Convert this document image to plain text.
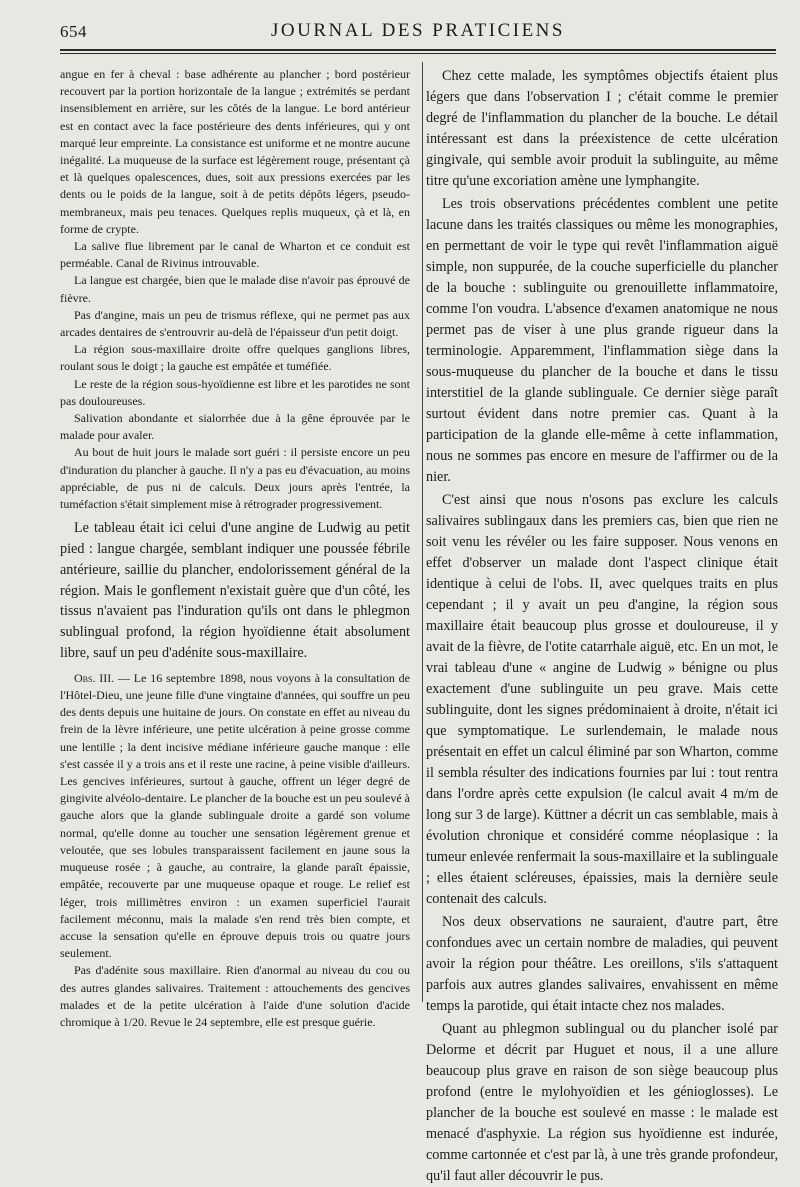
654	JOURNAL DES PRATICIENS

angue en fer à cheval : base adhérente au plancher ; bord postérieur recouvert par la portion horizontale de la langue ; extrémités se perdant insensiblement en arrière, sur les côtés de la langue. Le bord antérieur est en contact avec la face postérieure des dents inférieures, qui y ont marqué leur empreinte. La consistance est uniforme et ne montre aucune inégalité. La muqueuse de la surface est légèrement rouge, présentant çà et là quelques opalescences, dues, soit aux pressions exercées par les dents ou le poids de la langue, soit à de petits dépôts légers, pseudo-membraneux, mais peu tenaces. Quelques replis muqueux, çà et là, en forme de crypte.

La salive flue librement par le canal de Wharton et ce conduit est perméable. Canal de Rivinus introuvable.

La langue est chargée, bien que le malade dise n'avoir pas éprouvé de fièvre.

Pas d'angine, mais un peu de trismus réflexe, qui ne permet pas aux arcades dentaires de s'entrouvrir au-delà de l'épaisseur d'un petit doigt.

La région sous-maxillaire droite offre quelques ganglions libres, roulant sous le doigt ; la gauche est empâtée et tuméfiée.

Le reste de la région sous-hyoïdienne est libre et les parotides ne sont pas douloureuses.

Salivation abondante et sialorrhée due à la gêne éprouvée par le malade pour avaler.

Au bout de huit jours le malade sort guéri : il persiste encore un peu d'induration du plancher à gauche. Il n'y a pas eu d'évacuation, au moins appréciable, de pus ni de calculs. Deux jours après l'entrée, la tuméfaction s'était simplement mise à rétrograder progressivement.

Le tableau était ici celui d'une angine de Ludwig au petit pied : langue chargée, semblant indiquer une poussée fébrile antérieure, saillie du plancher, endolorissement général de la région. Mais le gonflement n'existait guère que d'un côté, les tissus n'avaient pas l'induration qu'ils ont dans le phlegmon sublingual profond, la région hyoïdienne était absolument libre, sauf un peu d'adénite sous-maxillaire.

Obs. III. — Le 16 septembre 1898, nous voyons à la consultation de l'Hôtel-Dieu, une jeune fille d'une vingtaine d'années, qui souffre un peu des dents depuis une huitaine de jours. On constate en effet au niveau du frein de la lèvre inférieure, une petite ulcération à peine grosse comme une lentille ; la dent incisive médiane inférieure gauche manque : elle s'est cassée il y a trois ans et il reste une racine, à peine visible d'ailleurs. Les gencives inférieures, surtout à gauche, offrent un léger degré de gingivite alvéolo-dentaire. Le plancher de la bouche est un peu soulevé à gauche alors que la glande sublinguale droite a gardé son volume normal, qu'elle donne au toucher une sensation légèrement grenue et veloutée, que ses lobules transparaissent facilement en jaune sous la muqueuse rosée ; à gauche, au contraire, la glande paraît épaissie, empâtée, recouverte par une muqueuse opaque et rouge. Le relief est léger, trois millimètres environ : un examen superficiel l'aurait facilement méconnu, mais la malade s'en rend très bien compte, et accuse la sensation qu'elle en éprouve depuis trois ou quatre jours seulement.

Pas d'adénite sous maxillaire. Rien d'anormal au niveau du cou ou des autres glandes salivaires. Traitement : attouchements des gencives malades et de la petite ulcération à l'aide d'une solution d'acide chromique à 1/20. Revue le 24 septembre, elle est presque guérie.

Chez cette malade, les symptômes objectifs étaient plus légers que dans l'observation I ; c'était comme le premier degré de l'inflammation du plancher de la bouche. Le détail intéressant est dans la préexistence de cette ulcération gingivale, qui semble avoir produit la sublinguite, au même titre qu'une excoriation amène une lymphangite.

Les trois observations précédentes comblent une petite lacune dans les traités classiques ou même les monographies, en permettant de voir le type qui revêt l'inflammation aiguë simple, non suppurée, de la couche superficielle du plancher de la bouche : sublinguite ou grenouillette inflammatoire, comme l'on voudra. L'absence d'examen anatomique ne nous permet pas de viser à une plus grande rigueur dans la terminologie. Apparemment, l'inflammation siège dans la sous-muqueuse du plancher de la bouche et dans le tissu interstitiel de la glande sublinguale. Ce dernier siège paraît surtout évident dans notre premier cas. Quant à la participation de la glande elle-même à cette inflammation, nous ne sommes pas encore en mesure de l'affirmer ou de la nier.

C'est ainsi que nous n'osons pas exclure les calculs salivaires sublingaux dans les premiers cas, bien que rien ne soit venu les révéler ou les faire supposer. Nous venons en effet d'observer un malade dont l'aspect clinique était identique à celui de l'obs. II, avec quelques traits en plus cependant ; il y avait un peu d'angine, la région sous maxillaire était beaucoup plus grosse et douloureuse, il y avait de la fièvre, de l'otite catarrhale aiguë, etc. En un mot, le vrai tableau d'une « angine de Ludwig » bénigne ou plus exactement d'une sublinguite un peu grave. Mais cette sublinguite, dont les signes prédominaient à droite, n'était ici que symptomatique. Le surlendemain, le malade nous présentait en effet un calcul éliminé par son Wharton, comme il sembla résulter des indications fournies par lui : tout rentra dans l'ordre après cette expulsion (le calcul avait 4 m/m de long sur 3 de large). Küttner a décrit un cas semblable, mais à évolution chronique et considéré comme néoplasique : la tumeur enlevée renfermait la sous-maxillaire et la sublinguale ; elles étaient scléreuses, épaissies, mais la dernière seule contenait des calculs.

Nos deux observations ne sauraient, d'autre part, être confondues avec un certain nombre de maladies, qui peuvent avoir la région pour théâtre. Les oreillons, s'ils s'attaquent parfois aux autres glandes salivaires, envahissent en même temps la parotide, qui était intacte chez nos malades.

Quant au phlegmon sublingual ou du plancher isolé par Delorme et décrit par Huguet et nous, il a une allure beaucoup plus grave en raison de son siège beaucoup plus profond (entre le mylohyoïdien et les génioglosses). Le plancher de la bouche est soulevé en masse : le malade est menacé d'asphyxie. La région sus hyoïdienne est indurée, comme cartonnée et c'est par là, à une très grande profondeur, qu'il faut aller découvrir le pus.
